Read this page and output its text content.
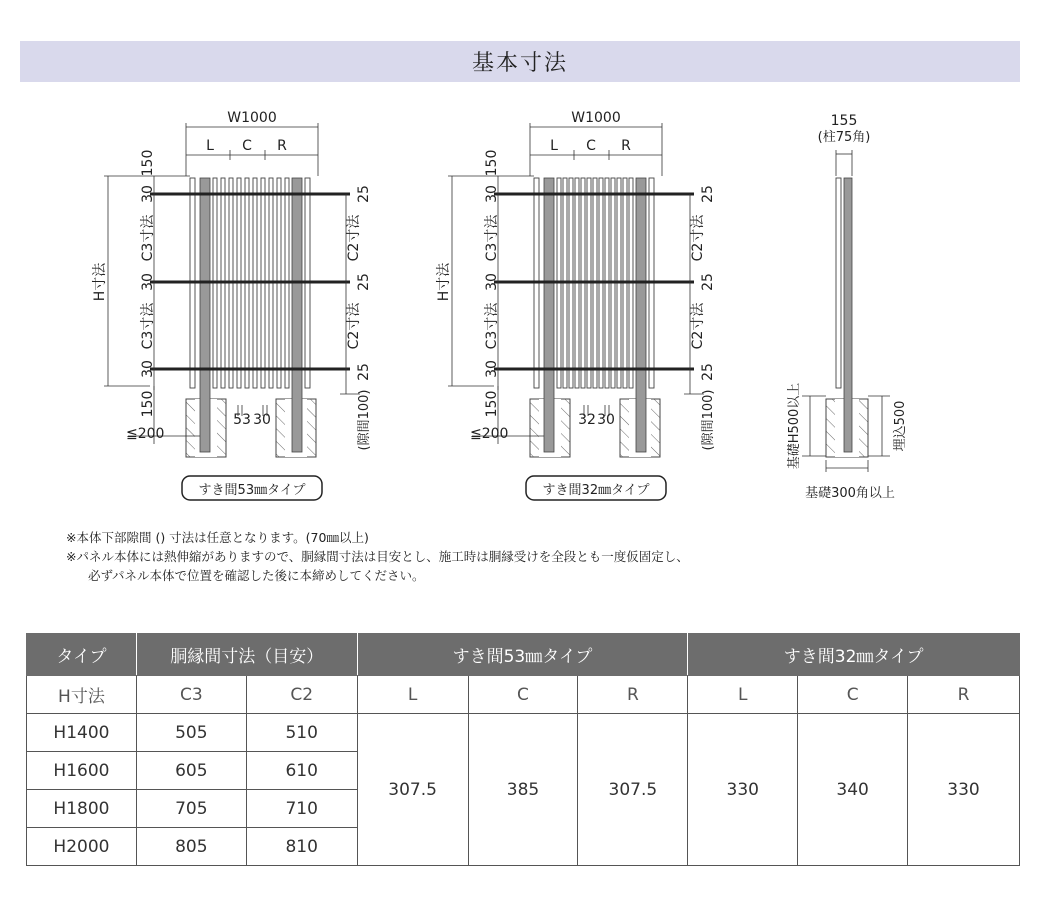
基本寸法
W1000
L C R
150
30
C3寸法
30
C3寸法
30
150
H寸法
≦200
25
C2寸法
25
C2寸法
25
(隙間100)
53 30
すき間53㎜タイプ
W1000
L C R
150
30
C3寸法
30
C3寸法
30
150
H寸法
≦200
25
C2寸法
25
C2寸法
25
(隙間100)
32 30
すき間32㎜タイプ
155
(柱75角)
基礎H500以上	埋込500
基礎300角以上
※本体下部隙間 () 寸法は任意となります。(70㎜以上)
※パネル本体には熱伸縮がありますので、胴縁間寸法は目安とし、施工時は胴縁受けを全段とも一度仮固定し、
必ずパネル本体で位置を確認した後に本締めしてください。
タイプ	胴縁間寸法（目安）		すき間53㎜タイプ			すき間32㎜タイプ		
H寸法	C3	C2	L	C	R	L	C	R
H1400	505	510	307.5	385	307.5	330	340	330
H1600	605	610						
H1800	705	710						
H2000	805	810						
